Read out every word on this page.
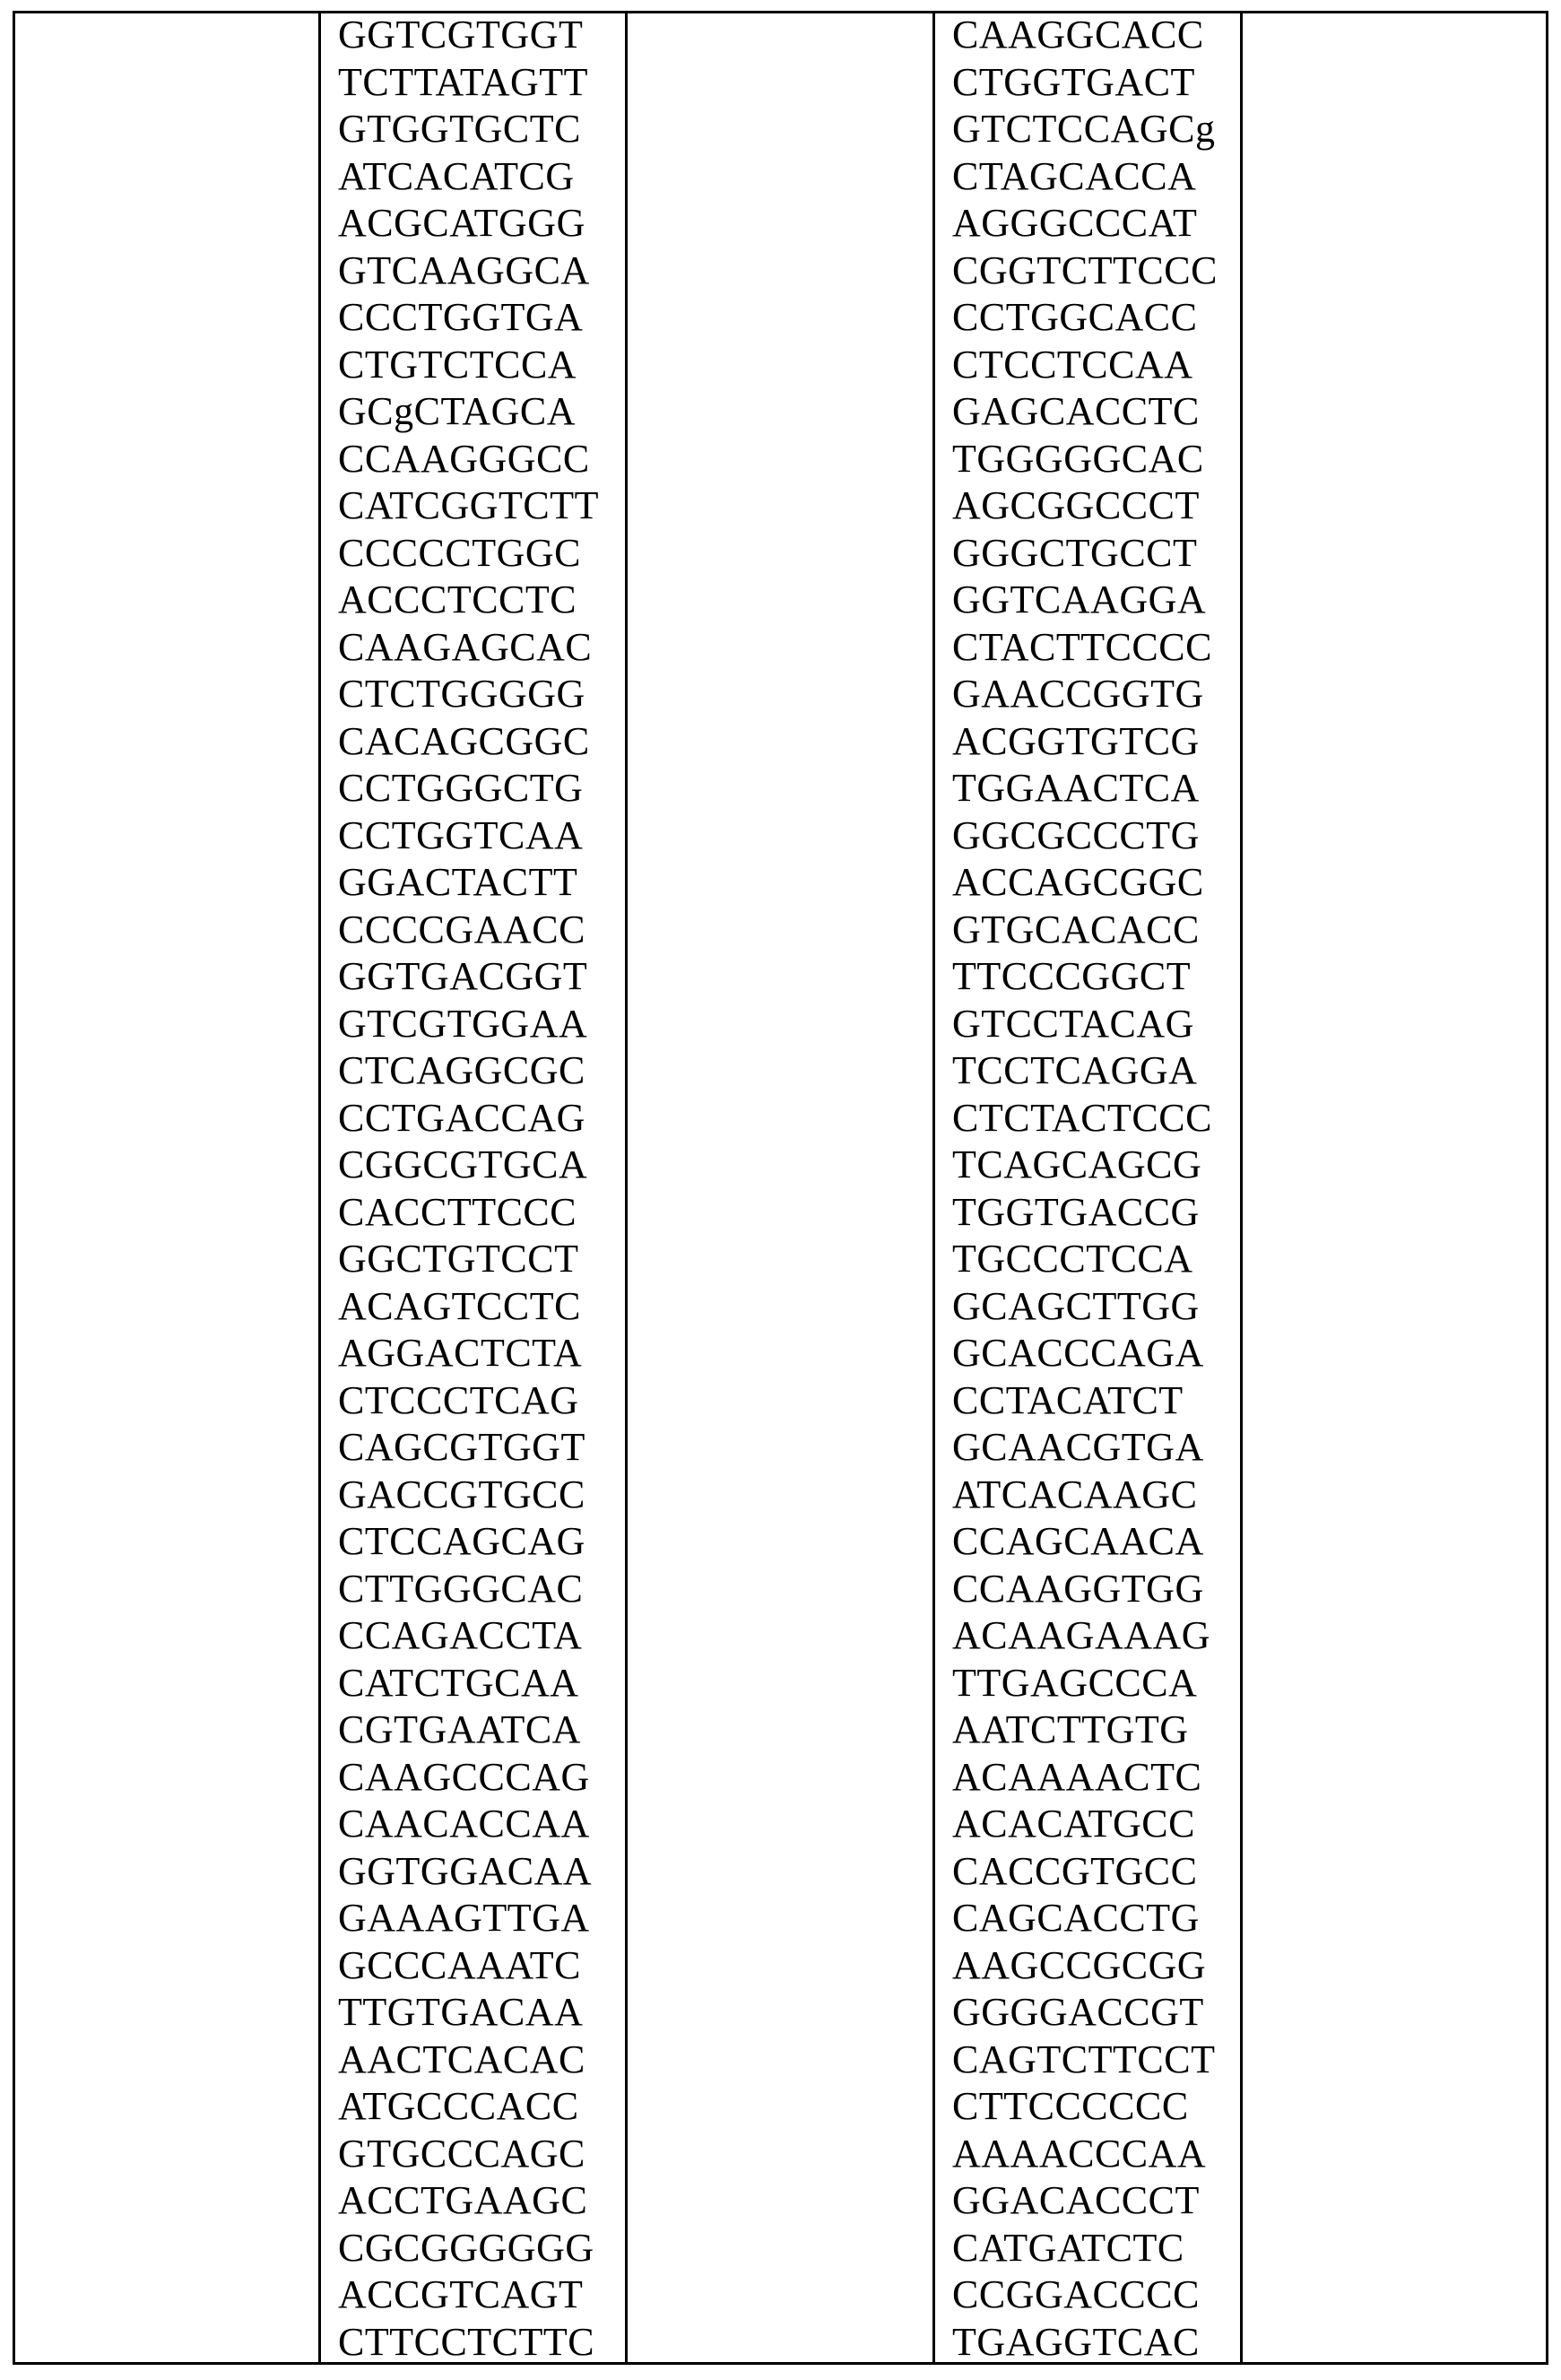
GGTCGTGGT
TCTTATAGTT
GTGGTGCTC
ATCACATCG
ACGCATGGG
GTCAAGGCA
CCCTGGTGA
CTGTCTCCA
GCgCTAGCA
CCAAGGGCC
CATCGGTCTT
CCCCCTGGC
ACCCTCCTC
CAAGAGCAC
CTCTGGGGG
CACAGCGGC
CCTGGGCTG
CCTGGTCAA
GGACTACTT
CCCCGAACC
GGTGACGGT
GTCGTGGAA
CTCAGGCGC
CCTGACCAG
CGGCGTGCA
CACCTTCCC
GGCTGTCCT
ACAGTCCTC
AGGACTCTA
CTCCCTCAG
CAGCGTGGT
GACCGTGCC
CTCCAGCAG
CTTGGGCAC
CCAGACCTA
CATCTGCAA
CGTGAATCA
CAAGCCCAG
CAACACCAA
GGTGGACAA
GAAAGTTGA
GCCCAAATC
TTGTGACAA
AACTCACAC
ATGCCCACC
GTGCCCAGC
ACCTGAAGC
CGCGGGGGG
ACCGTCAGT
CTTCCTCTTC
CAAGGCACC
CTGGTGACT
GTCTCCAGCg
CTAGCACCA
AGGGCCCAT
CGGTCTTCCC
CCTGGCACC
CTCCTCCAA
GAGCACCTC
TGGGGGCAC
AGCGGCCCT
GGGCTGCCT
GGTCAAGGA
CTACTTCCCC
GAACCGGTG
ACGGTGTCG
TGGAACTCA
GGCGCCCTG
ACCAGCGGC
GTGCACACC
TTCCCGGCT
GTCCTACAG
TCCTCAGGA
CTCTACTCCC
TCAGCAGCG
TGGTGACCG
TGCCCTCCA
GCAGCTTGG
GCACCCAGA
CCTACATCT
GCAACGTGA
ATCACAAGC
CCAGCAACA
CCAAGGTGG
ACAAGAAAG
TTGAGCCCA
AATCTTGTG
ACAAAACTC
ACACATGCC
CACCGTGCC
CAGCACCTG
AAGCCGCGG
GGGGACCGT
CAGTCTTCCT
CTTCCCCCC
AAAACCCAA
GGACACCCT
CATGATCTC
CCGGACCCC
TGAGGTCAC
